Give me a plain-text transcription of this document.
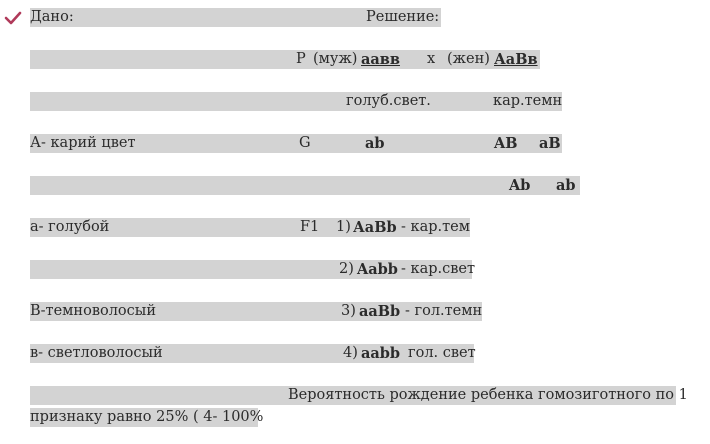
Дано:	Решение:
P (муж) аавв x (жен) АаВв
голуб.свет.	кар.темн
А- карий цвет	G	ab	AB aB
Ab ab
а- голубой	F1 1) АаBb - кар.тем
2) Aabb - кар.свет
В-темноволосый	3) aaBb - гол.темн
в- светловолосый	4) aabb гол. свет
Вероятность рождение ребенка гомозиготного по 1
признаку равно 25% ( 4- 100%
